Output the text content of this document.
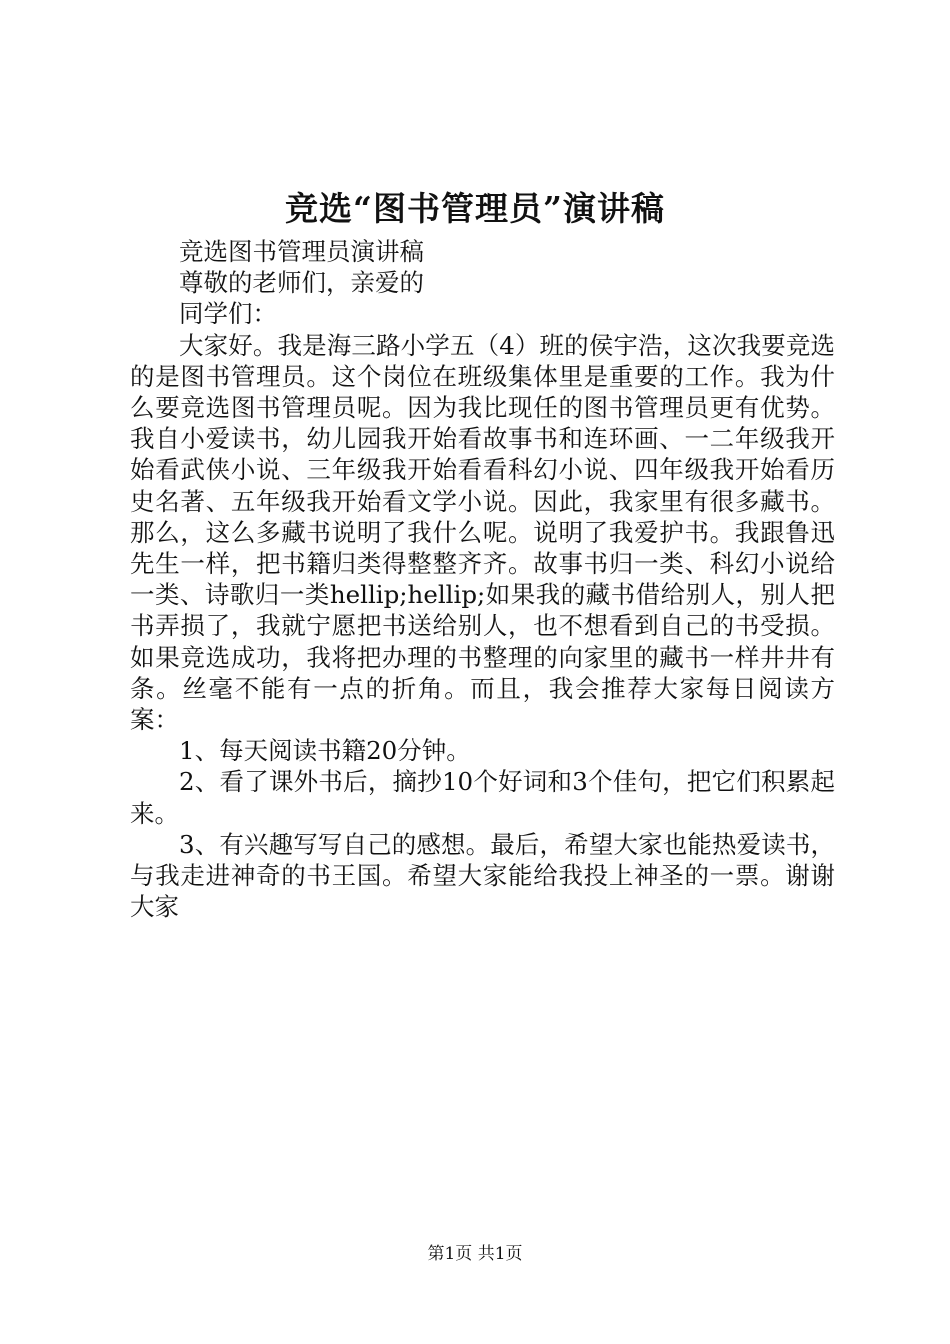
竞选“图书管理员”演讲稿

竞选图书管理员演讲稿

尊敬的老师们，亲爱的

同学们：

大家好。我是海三路小学五（4）班的侯宇浩，这次我要竞选的是图书管理员。这个岗位在班级集体里是重要的工作。我为什么要竞选图书管理员呢。因为我比现任的图书管理员更有优势。我自小爱读书，幼儿园我开始看故事书和连环画、一二年级我开始看武侠小说、三年级我开始看看科幻小说、四年级我开始看历史名著、五年级我开始看文学小说。因此，我家里有很多藏书。那么，这么多藏书说明了我什么呢。说明了我爱护书。我跟鲁迅先生一样，把书籍归类得整整齐齐。故事书归一类、科幻小说给一类、诗歌归一类hellip;hellip;如果我的藏书借给别人，别人把书弄损了，我就宁愿把书送给别人，也不想看到自己的书受损。如果竞选成功，我将把办理的书整理的向家里的藏书一样井井有条。丝毫不能有一点的折角。而且，我会推荐大家每日阅读方案：

1、每天阅读书籍20分钟。

2、看了课外书后，摘抄10个好词和3个佳句，把它们积累起来。

3、有兴趣写写自己的感想。最后，希望大家也能热爱读书，与我走进神奇的书王国。希望大家能给我投上神圣的一票。谢谢大家

第1页 共1页
